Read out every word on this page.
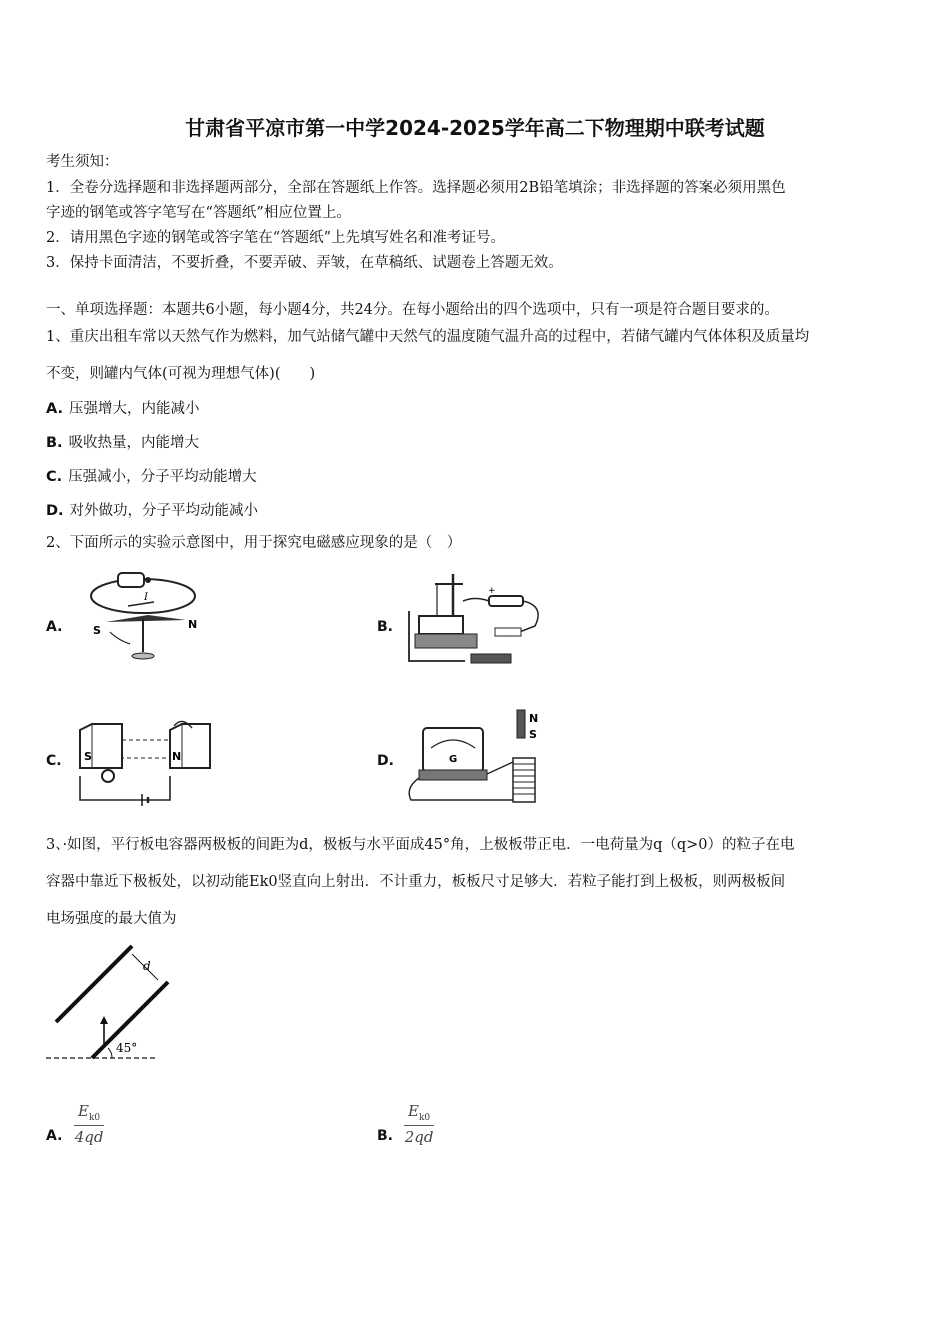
甘肃省平凉市第一中学2024-2025学年高二下物理期中联考试题
考生须知：
1．全卷分选择题和非选择题两部分，全部在答题纸上作答。选择题必须用2B铅笔填涂；非选择题的答案必须用黑色
字迹的钢笔或答字笔写在“答题纸”相应位置上。
2．请用黑色字迹的钢笔或答字笔在“答题纸”上先填写姓名和准考证号。
3．保持卡面清洁，不要折叠，不要弄破、弄皱，在草稿纸、试题卷上答题无效。
一、单项选择题：本题共6小题，每小题4分，共24分。在每小题给出的四个选项中，只有一项是符合题目要求的。
1、重庆出租车常以天然气作为燃料，加气站储气罐中天然气的温度随气温升高的过程中，若储气罐内气体体积及质量均
不变，则罐内气体(可视为理想气体)(　　)
A. 压强增大，内能减小
B. 吸收热量，内能增大
C. 压强减小，分子平均动能增大
D. 对外做功，分子平均动能减小
2、下面所示的实验示意图中，用于探究电磁感应现象的是（　）
A.	S	N
I
B.
+
C. S	N	D.	G
N
S
3、·如图，平行板电容器两极板的间距为d，极板与水平面成45°角，上极板带正电．一电荷量为q（q>0）的粒子在电
容器中靠近下极板处，以初动能Ek0竖直向上射出．不计重力，板板尺寸足够大．若粒子能打到上极板，则两极板间
电场强度的最大值为
d
45°
A. $\frac{E_{k0}}{4qd}$	B. $\frac{E_{k0}}{2qd}$
